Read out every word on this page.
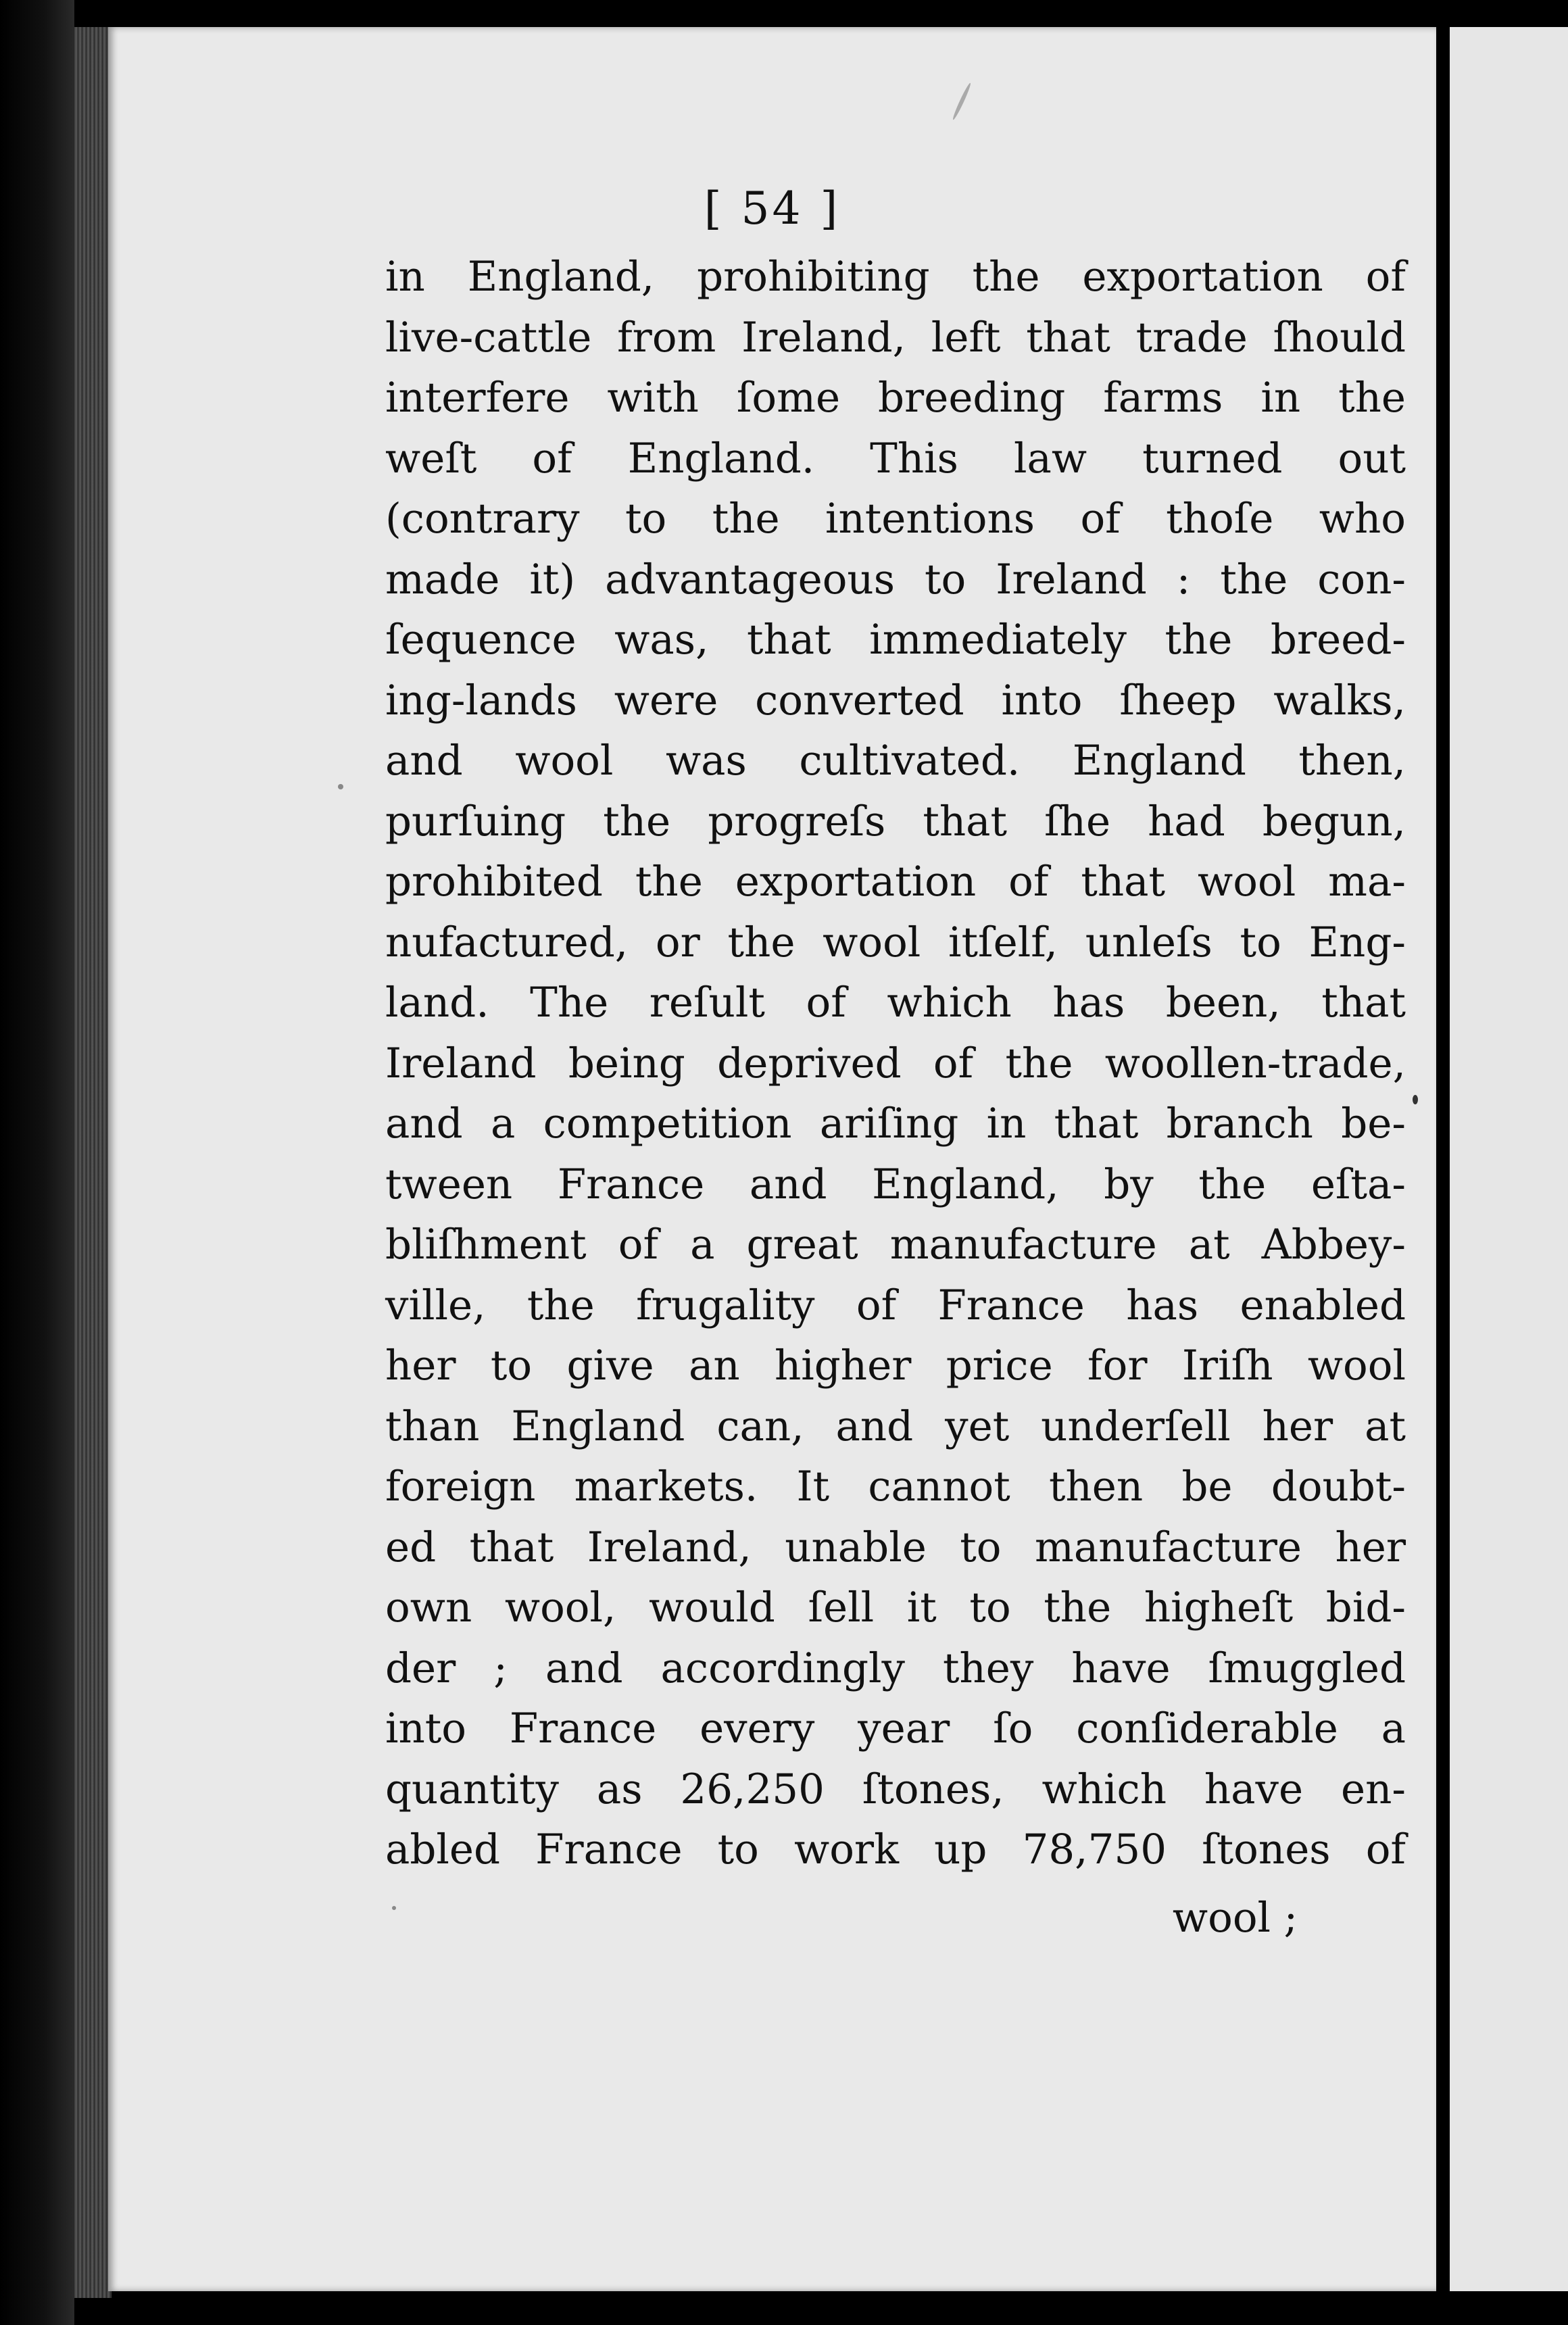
[ 54 ]
in England, prohibiting the exportation of
live-cattle from Ireland, left that trade ſhould
interfere with ſome breeding farms in the
weſt of England. This law turned out
(contrary to the intentions of thoſe who
made it) advantageous to Ireland : the con-
ſequence was, that immediately the breed-
ing-lands were converted into ſheep walks,
and wool was cultivated. England then,
purſuing the progreſs that ſhe had begun,
prohibited the exportation of that wool ma-
nufactured, or the wool itſelf, unleſs to Eng-
land. The reſult of which has been, that
Ireland being deprived of the woollen-trade,
and a competition ariſing in that branch be-
tween France and England, by the eſta-
bliſhment of a great manufacture at Abbey-
ville, the frugality of France has enabled
her to give an higher price for Iriſh wool
than England can, and yet underſell her at
foreign markets. It cannot then be doubt-
ed that Ireland, unable to manufacture her
own wool, would ſell it to the higheſt bid-
der ; and accordingly they have ſmuggled
into France every year ſo conſiderable a
quantity as 26,250 ſtones, which have en-
abled France to work up 78,750 ſtones of
wool ;
